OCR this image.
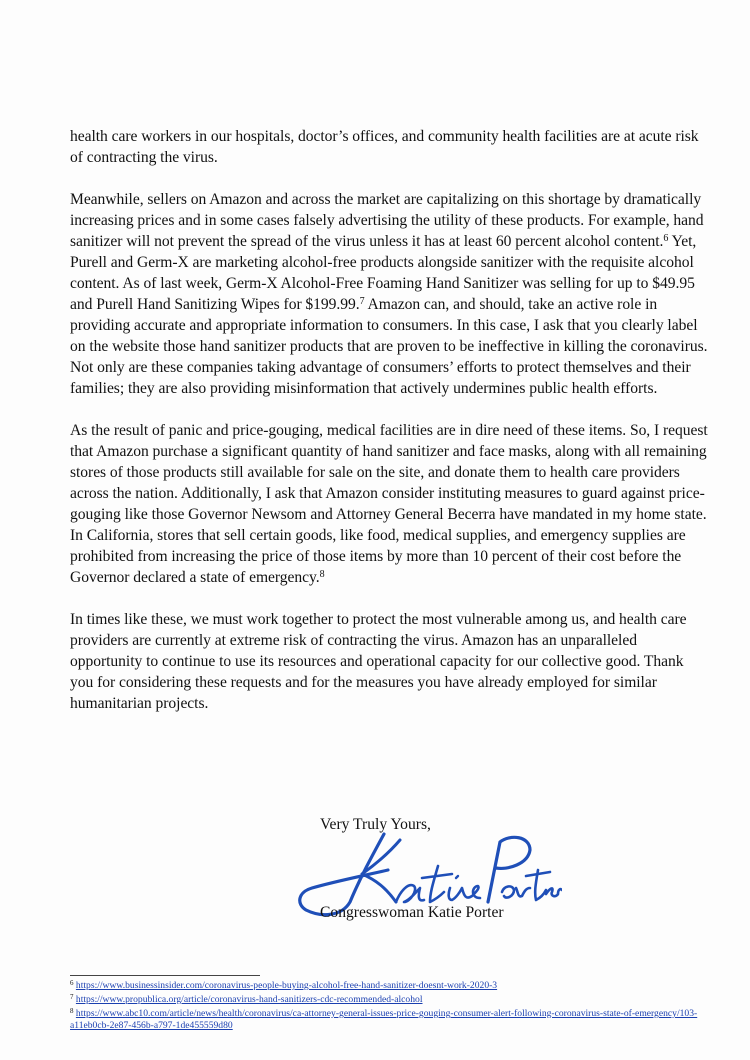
health care workers in our hospitals, doctor’s offices, and community health facilities are at acute risk of contracting the virus.

Meanwhile, sellers on Amazon and across the market are capitalizing on this shortage by dramatically increasing prices and in some cases falsely advertising the utility of these products. For example, hand sanitizer will not prevent the spread of the virus unless it has at least 60 percent alcohol content.$^6$ Yet, Purell and Germ-X are marketing alcohol-free products alongside sanitizer with the requisite alcohol content. As of last week, Germ-X Alcohol-Free Foaming Hand Sanitizer was selling for up to $49.95 and Purell Hand Sanitizing Wipes for $199.99.$^7$ Amazon can, and should, take an active role in providing accurate and appropriate information to consumers. In this case, I ask that you clearly label on the website those hand sanitizer products that are proven to be ineffective in killing the coronavirus. Not only are these companies taking advantage of consumers’ efforts to protect themselves and their families; they are also providing misinformation that actively undermines public health efforts.

As the result of panic and price-gouging, medical facilities are in dire need of these items. So, I request that Amazon purchase a significant quantity of hand sanitizer and face masks, along with all remaining stores of those products still available for sale on the site, and donate them to health care providers across the nation. Additionally, I ask that Amazon consider instituting measures to guard against price-gouging like those Governor Newsom and Attorney General Becerra have mandated in my home state. In California, stores that sell certain goods, like food, medical supplies, and emergency supplies are prohibited from increasing the price of those items by more than 10 percent of their cost before the Governor declared a state of emergency.$^8$

In times like these, we must work together to protect the most vulnerable among us, and health care providers are currently at extreme risk of contracting the virus. Amazon has an unparalleled opportunity to continue to use its resources and operational capacity for our collective good. Thank you for considering these requests and for the measures you have already employed for similar humanitarian projects.

Very Truly Yours,
Congresswoman Katie Porter
$^6$ https://www.businessinsider.com/coronavirus-people-buying-alcohol-free-hand-sanitizer-doesnt-work-2020-3
$^7$ https://www.propublica.org/article/coronavirus-hand-sanitizers-cdc-recommended-alcohol
$^8$ https://www.abc10.com/article/news/health/coronavirus/ca-attorney-general-issues-price-gouging-consumer-alert-following-coronavirus-state-of-emergency/103-a11eb0cb-2e87-456b-a797-1de455559d80
